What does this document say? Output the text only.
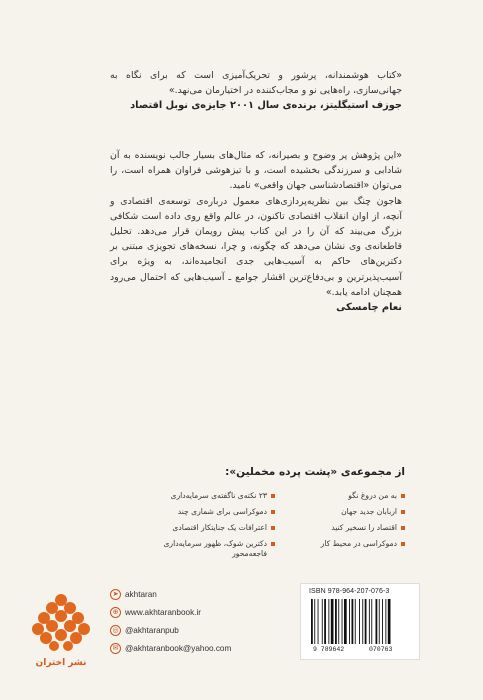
«کتاب هوشمندانه، پرشور و تحریک‌آمیزی است که برای نگاه به جهانی‌سازی، راه‌هایی نو و مجاب‌کننده در اختیارمان می‌نهد.»

جوزف استیگلیتز، برنده‌ی سال ۲۰۰۱ جایزه‌ی نوبل اقتصاد

«این پژوهش پر وضوح و بصیرانه، که مثال‌های بسیار جالب نویسنده به آن شادابی و سرزندگی بخشیده است، و با تیزهوشی فراوان همراه است، را می‌توان «اقتصادشناسی جهان واقعی» نامید.

هاجون چنگ بین نظریه‌پردازی‌های معمول درباره‌ی توسعه‌ی اقتصادی و آنچه، از اوان انقلاب اقتصادی تاکنون، در عالم واقع روی داده است شکافی بزرگ می‌بیند که آن را در این کتاب پیش رویمان قرار می‌دهد. تحلیل قاطعانه‌ی وی نشان می‌دهد که چگونه، و چرا، نسخه‌های تجویزی مبتنی بر دکترین‌های حاکم به آسیب‌هایی جدی انجامیده‌اند، به ویژه برای آسیب‌پذیرترین و بی‌دفاع‌ترین اقشار جوامع ـ آسیب‌هایی که احتمال می‌رود همچنان ادامه یابد.»

نعام چامسکی

از مجموعه‌ی «پشت پرده مخملین»:
به من دروغ نگو
اربابان جدید جهان
اقتصاد را تسخیر کنید
دموکراسی در محیط کار
۲۳ نکته‌ی ناگفته‌ی سرمایه‌داری
دموکراسی برای شماری چند
اعترافات یک جنایتکار اقتصادی
دکترین شوک، ظهور سرمایه‌داری فاجعه‌محور
نشر اختران
➤ akhtaran
⊕ www.akhtaranbook.ir
◎ @akhtaranpub
✉ @akhtaranbook@yahoo.com
ISBN 978-964-207-076-3
9 789642	070763
